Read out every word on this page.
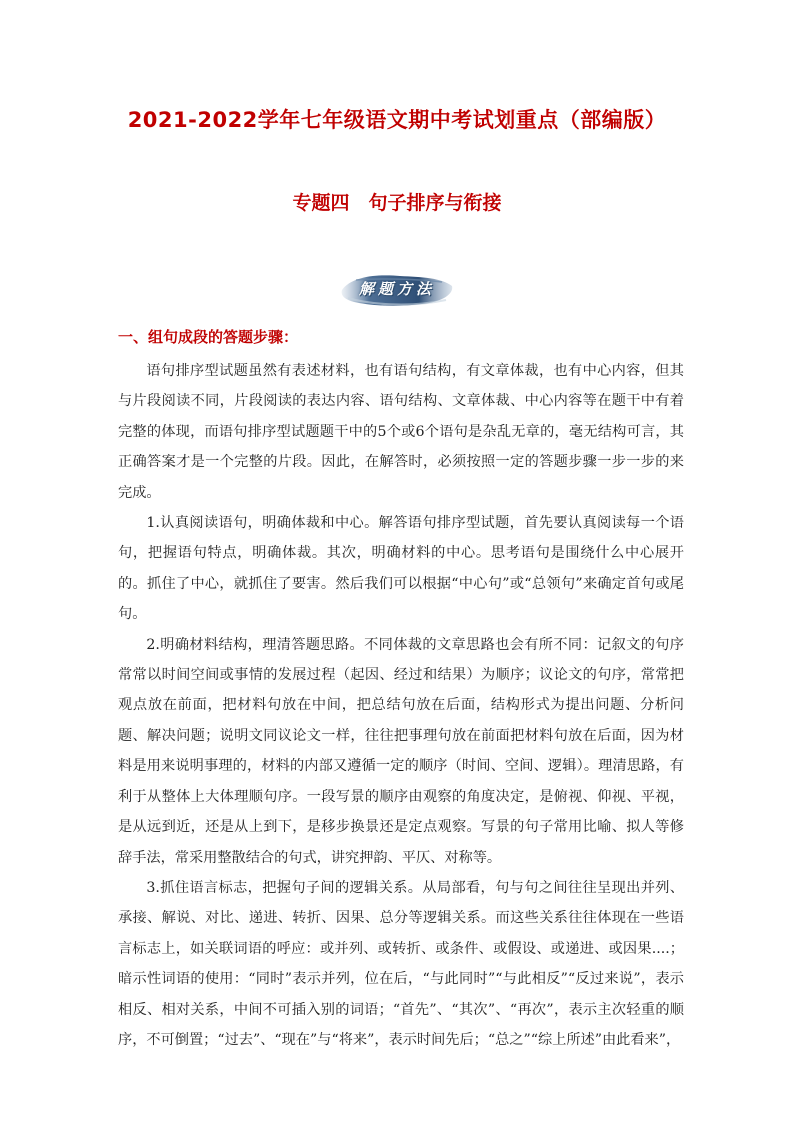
2021-2022学年七年级语文期中考试划重点（部编版）
专题四　句子排序与衔接
解题方法
一、组句成段的答题步骤：

语句排序型试题虽然有表述材料，也有语句结构，有文章体裁，也有中心内容，但其与片段阅读不同，片段阅读的表达内容、语句结构、文章体裁、中心内容等在题干中有着完整的体现，而语句排序型试题题干中的5个或6个语句是杂乱无章的，毫无结构可言，其正确答案才是一个完整的片段。因此，在解答时，必须按照一定的答题步骤一步一步的来完成。

1.认真阅读语句，明确体裁和中心。解答语句排序型试题，首先要认真阅读每一个语句，把握语句特点，明确体裁。其次，明确材料的中心。思考语句是围绕什么中心展开的。抓住了中心，就抓住了要害。然后我们可以根据“中心句”或“总领句”来确定首句或尾句。

2.明确材料结构，理清答题思路。不同体裁的文章思路也会有所不同：记叙文的句序常常以时间空间或事情的发展过程（起因、经过和结果）为顺序；议论文的句序，常常把观点放在前面，把材料句放在中间，把总结句放在后面，结构形式为提出问题、分析问题、解决问题；说明文同议论文一样，往往把事理句放在前面把材料句放在后面，因为材料是用来说明事理的，材料的内部又遵循一定的顺序（时间、空间、逻辑）。理清思路，有利于从整体上大体理顺句序。一段写景的顺序由观察的角度决定，是俯视、仰视、平视，是从远到近，还是从上到下，是移步换景还是定点观察。写景的句子常用比喻、拟人等修辞手法，常采用整散结合的句式，讲究押韵、平仄、对称等。

3.抓住语言标志，把握句子间的逻辑关系。从局部看，句与句之间往往呈现出并列、承接、解说、对比、递进、转折、因果、总分等逻辑关系。而这些关系往往体现在一些语言标志上，如关联词语的呼应：或并列、或转折、或条件、或假设、或递进、或因果....；暗示性词语的使用：“同时”表示并列，位在后，“与此同时”“与此相反”“反过来说”，表示相反、相对关系，中间不可插入别的词语；“首先”、“其次”、“再次”，表示主次轻重的顺序，不可倒置；“过去”、“现在”与“将来”，表示时间先后；“总之”“综上所述”由此看来”，
